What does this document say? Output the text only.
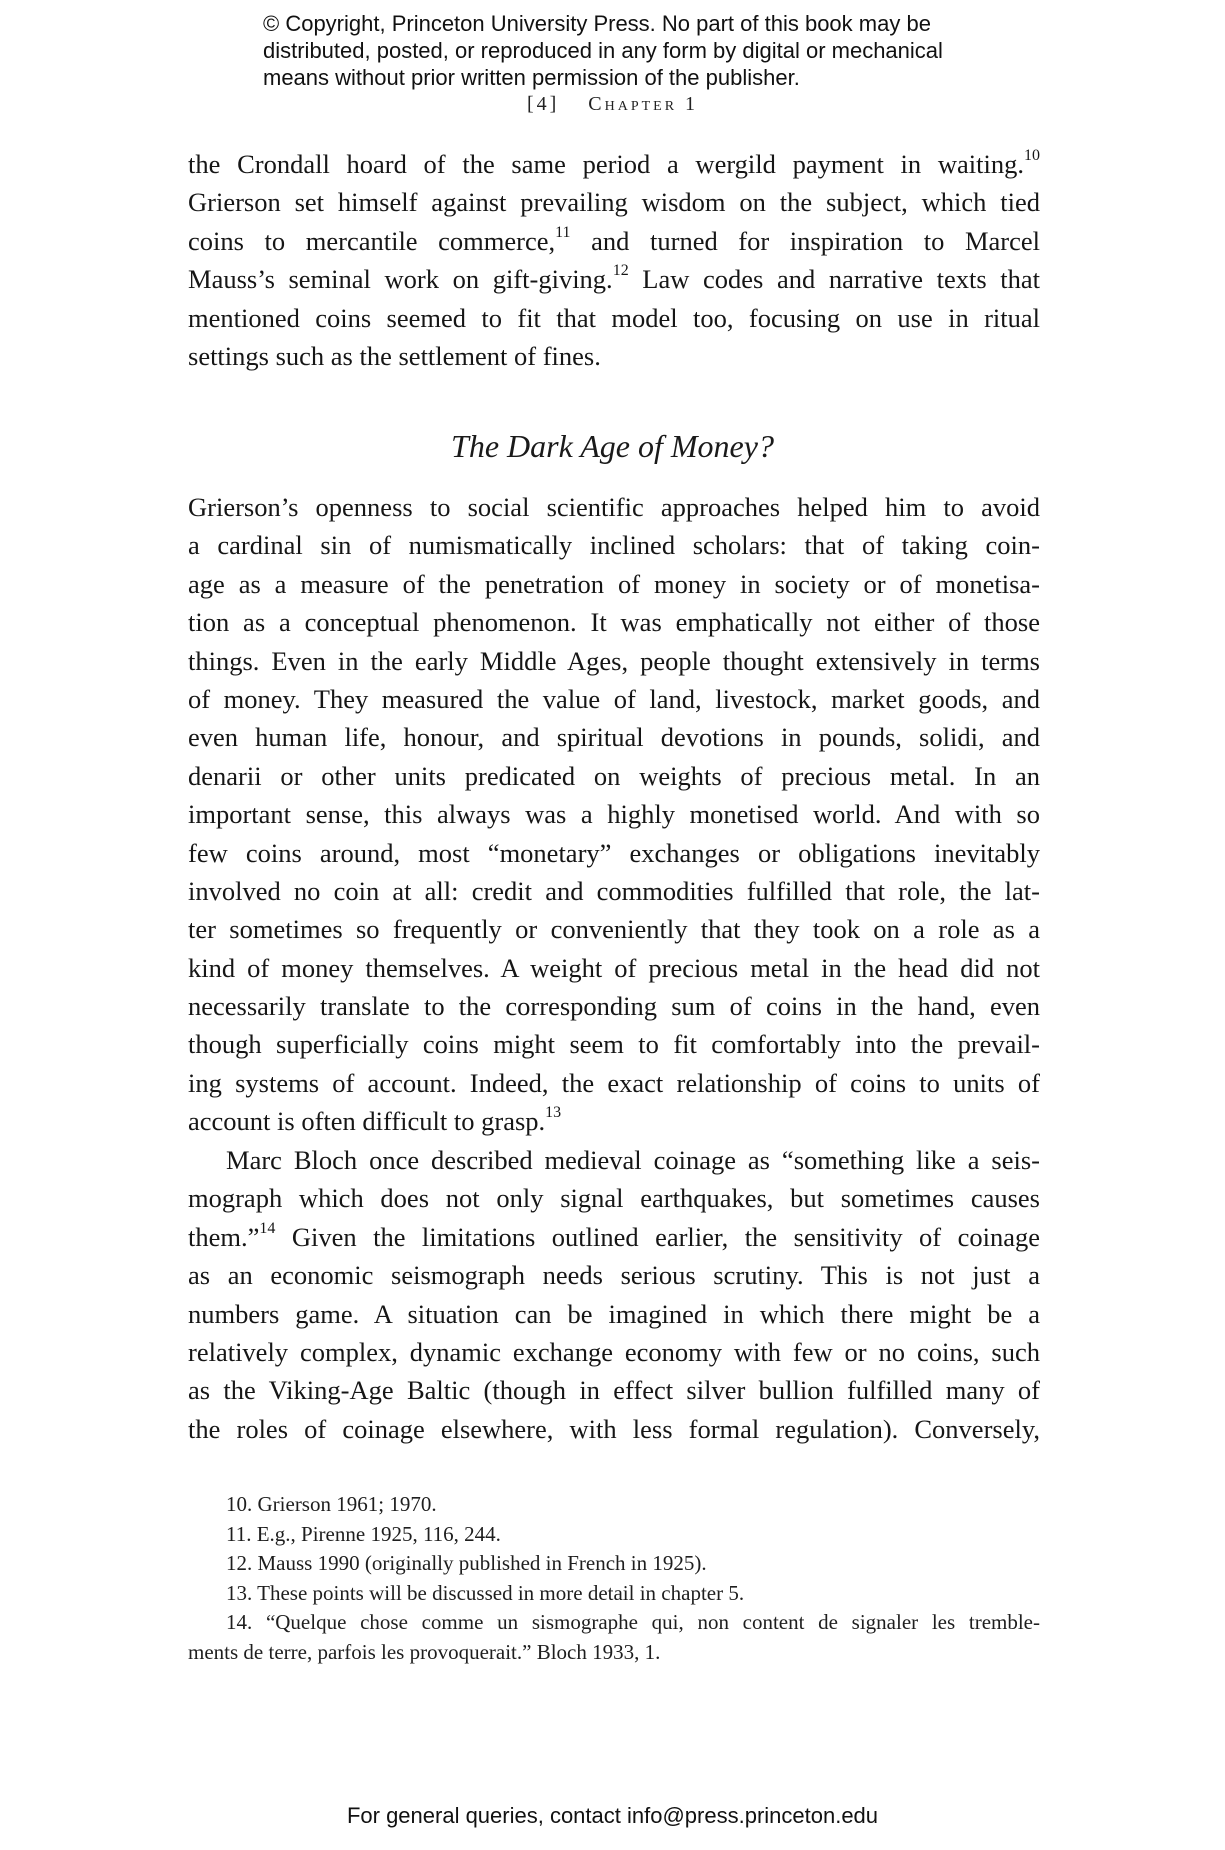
© Copyright, Princeton University Press. No part of this book may be
distributed, posted, or reproduced in any form by digital or mechanical
means without prior written permission of the publisher.
[4] Chapter 1
the Crondall hoard of the same period a wergild payment in waiting.$^{10}$
Grierson set himself against prevailing wisdom on the subject, which tied
coins to mercantile commerce,$^{11}$ and turned for inspiration to Marcel
Mauss’s seminal work on gift-giving.$^{12}$ Law codes and narrative texts that
mentioned coins seemed to fit that model too, focusing on use in ritual
settings such as the settlement of fines.
The Dark Age of Money?
Grierson’s openness to social scientific approaches helped him to avoid
a cardinal sin of numismatically inclined scholars: that of taking coin-
age as a measure of the penetration of money in society or of monetisa-
tion as a conceptual phenomenon. It was emphatically not either of those
things. Even in the early Middle Ages, people thought extensively in terms
of money. They measured the value of land, livestock, market goods, and
even human life, honour, and spiritual devotions in pounds, solidi, and
denarii or other units predicated on weights of precious metal. In an
important sense, this always was a highly monetised world. And with so
few coins around, most “monetary” exchanges or obligations inevitably
involved no coin at all: credit and commodities fulfilled that role, the lat-
ter sometimes so frequently or conveniently that they took on a role as a
kind of money themselves. A weight of precious metal in the head did not
necessarily translate to the corresponding sum of coins in the hand, even
though superficially coins might seem to fit comfortably into the prevail-
ing systems of account. Indeed, the exact relationship of coins to units of
account is often difficult to grasp.$^{13}$
Marc Bloch once described medieval coinage as “something like a seis-
mograph which does not only signal earthquakes, but sometimes causes
them.”$^{14}$ Given the limitations outlined earlier, the sensitivity of coinage
as an economic seismograph needs serious scrutiny. This is not just a
numbers game. A situation can be imagined in which there might be a
relatively complex, dynamic exchange economy with few or no coins, such
as the Viking-Age Baltic (though in effect silver bullion fulfilled many of
the roles of coinage elsewhere, with less formal regulation). Conversely,
10. Grierson 1961; 1970.
11. E.g., Pirenne 1925, 116, 244.
12. Mauss 1990 (originally published in French in 1925).
13. These points will be discussed in more detail in chapter 5.
14. “Quelque chose comme un sismographe qui, non content de signaler les tremble-
ments de terre, parfois les provoquerait.” Bloch 1933, 1.
For general queries, contact info@press.princeton.edu
